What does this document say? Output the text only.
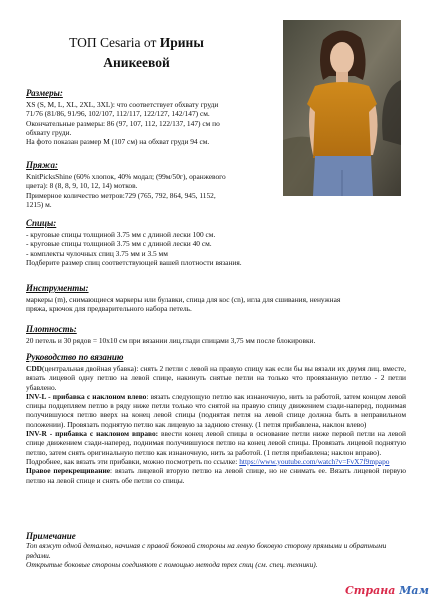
ТОП Cesaria от Ирины
Аникеевой
Размеры:

XS (S, M, L, XL, 2XL, 3XL): что соответствует обхвату груди

71/76 (81/86, 91/96, 102/107, 112/117, 122/127, 142/147) см.

Окончательные размеры: 86 (97, 107, 112, 122/137, 147) см по

обхвату груди.

На фото показан размер M (107 см) на обхват груди 94 см.

Пряжа:

KnitPicksShine (60% хлопок, 40% модал; (99м/50г), оранжевого

цвета): 8 (8, 8, 9, 10, 12, 14) мотков.

Примерное количество метров:729 (765, 792, 864, 945, 1152,

1215) м.

Спицы:

- круговые спицы толщиной 3.75 мм с длиной лески 100 см.

- круговые спицы толщиной 3.75 мм с длиной лески 40 см.

- комплекты чулочных спиц 3.75 мм и 3.5 мм

Подберите размер спиц соответствующей вашей плотности вязания.

Инструменты:

маркеры (m), снимающиеся маркеры или булавки, спица для кос (cn), игла для сшивания, ненужная

пряжа, крючок для предварительного набора петель.

Плотность:

20 петель и 30 рядов = 10x10 см при вязании лиц.глади спицами 3,75 мм после блокировки.

Руководство по вязанию

CDD(центральная двойная убавка): снять 2 петли с левой на правую спицу как если бы вы вязали их двумя лиц. вместе, вязать лицевой одну петлю на левой спице, накинуть снятые петли на только что провязанную петлю - 2 петли убавлено.

INV-L - прибавка с наклоном влево: вязать следующую петлю как изнаночную, нить за работой, затем концом левой спицы подцепляем петлю в ряду ниже петли только что снятой на правую спицу движением сзади-наперед, поднимая получившуюся петлю вверх на конец левой спицы (поднятая петля на левой спице должна быть в неправильном положении). Провязать поднятую петлю как лицевую за заднюю стенку. (1 петля прибавлена, наклон влево)

INV-R - прибавка с наклоном вправо: ввести конец левой спицы в основание петли ниже первой петли на левой спице движением сзади-наперед, поднимая получившуюся петлю на конец левой спицы. Провязать лицевой поднятую петлю, затем снять оригинальную петлю как изнаночную, нить за работой. (1 петля прибавлена; наклон вправо).

Подробнее, как вязать эти прибавки, можно посмотреть по ссылке: https://www.youtube.com/watch?v=FvX7f9mpapo

Правое перекрещивание: вязать лицевой вторую петлю на левой спице, но не снимать ее. Вязать лицевой первую петлю на левой спице и снять обе петли со спицы.

Примечание

Топ вяжут одной деталью, начиная с правой боковой стороны на левую боковую сторону прямыми и обратными рядами.

Открытые боковые стороны соединяют с помощью метода трех спиц (см. спец. техники).

Страна Мам
